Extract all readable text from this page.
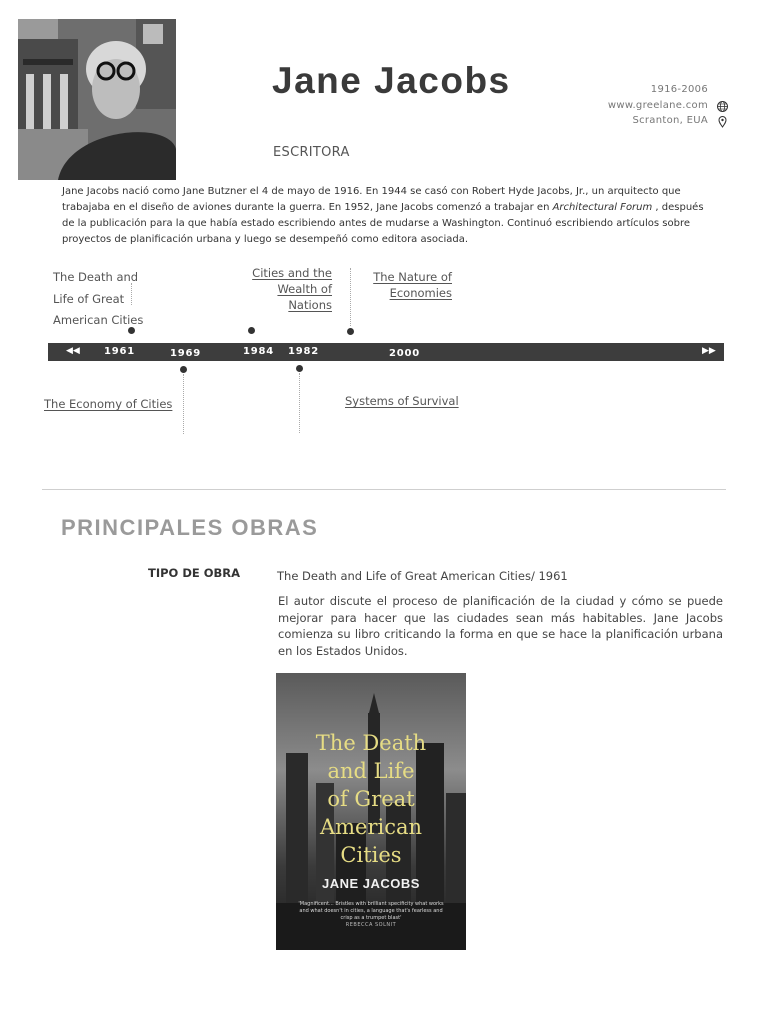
Jane Jacobs
ESCRITORA
1916-2006
www.greelane.com
Scranton, EUA
Jane Jacobs nació como Jane Butzner el 4 de mayo de 1916. En 1944 se casó con Robert Hyde Jacobs, Jr., un arquitecto que trabajaba en el diseño de aviones durante la guerra. En 1952, Jane Jacobs comenzó a trabajar en Architectural Forum , después de la publicación para la que había estado escribiendo antes de mudarse a Washington. Continuó escribiendo artículos sobre proyectos de planificación urbana y luego se desempeñó como editora asociada.
The Death and
Life of Great
American Cities
Cities and the
Wealth of
Nations
The Nature of
Economies
◀◀ 1961	1969	1984 1982	2000	▶▶
The Economy of Cities	Systems of Survival
PRINCIPALES OBRAS
TIPO DE OBRA	The Death and Life of Great American Cities/ 1961
El autor discute el proceso de planificación de la ciudad y cómo se puede mejorar para hacer que las ciudades sean más habitables. Jane Jacobs comienza su libro criticando la forma en que se hace la planificación urbana en los Estados Unidos.
The Death
and Life
of Great
American
Cities
JANE JACOBS
'Magnificent... Bristles with brilliant specificity what works and what doesn't in cities, a language that's fearless and crisp as a trumpet blast'
REBECCA SOLNIT
